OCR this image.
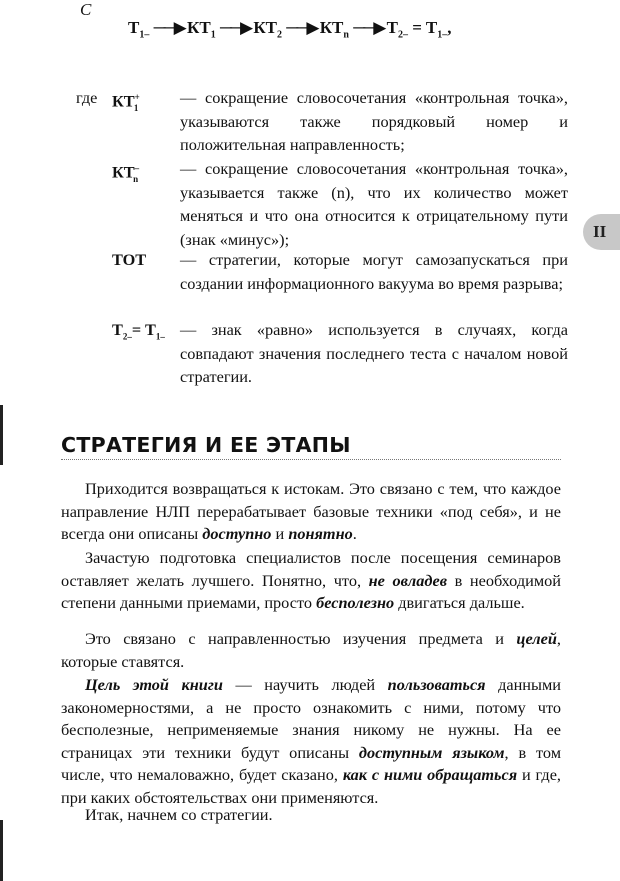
С
$T_{1-}$ ──▶ $КТ_1$ ──▶ $КТ_2$ ──▶ $КТ_n$ ──▶ $T_{2-} = T_{1-}$,
где $КТ^+_1$
— сокращение словосочетания «контрольная точка», указываются также порядковый номер и положительная направленность;
$КТ^-_n$
— сокращение словосочетания «контрольная точка», указывается также (n), что их количество может меняться и что она относится к отрицательному пути (знак «минус»);
ТОТ — стратегии, которые могут самозапускаться при создании информационного вакуума во время разрыва;
$T_{2-}= T_{1-}$ — знак «равно» используется в случаях, когда совпадают значения последнего теста с началом новой стратегии.
II
СТРАТЕГИЯ И ЕЕ ЭТАПЫ
Приходится возвращаться к истокам. Это связано с тем, что каждое направление НЛП перерабатывает базовые техники «под себя», и не всегда они описаны доступно и понятно.
Зачастую подготовка специалистов после посещения семинаров оставляет желать лучшего. Понятно, что, не овладев в необходимой степени данными приемами, просто бесполезно двигаться дальше.
Это связано с направленностью изучения предмета и целей, которые ставятся.
Цель этой книги — научить людей пользоваться данными закономерностями, а не просто ознакомить с ними, потому что бесполезные, неприменяемые знания никому не нужны. На ее страницах эти техники будут описаны доступным языком, в том числе, что немаловажно, будет сказано, как с ними обращаться и где, при каких обстоятельствах они применяются.
Итак, начнем со стратегии.
